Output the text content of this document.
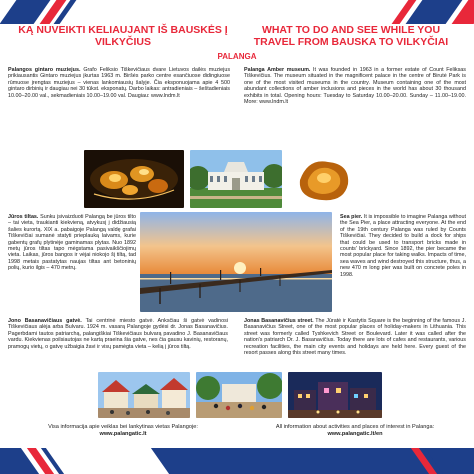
KĄ NUVEIKTI KELIAUJANT IŠ BAUSKĖS Į VILKYČIUS
WHAT TO DO AND SEE WHILE YOU TRAVEL FROM BAUSKA TO VILKYČIAI
PALANGA
Palangos gintaro muziejus. Grafo Feliksio Tiškevičiaus dvare Lietuvos dailės muziejus prikiausantis Gintaro muziejus įkurtas 1963 m. Biršės parko centre esančiuose didingiuose rūmuose įrengtas muziejus – vienas lankomiausių šalyje. Čia eksponuojama apie 4 500 gintaro dirbinių ir daugiau nei 30 tūkst. eksponatų. Darbo laikas: antradieniais – šeštadieniais 10.00–20.00 val., sekmadieniais 10.00–19.00 val. Daugiau: www.lndm.lt
Palanga Amber museum. It was founded in 1963 in a former estate of Count Feliksas Tiškevičius. The museum situated in the magnificent palace in the centre of Birutė Park is one of the most visited museums in the country. Museum containing one of the most abundant collections of amber inclusions and pieces in the world has about 30 thousand exhibits in total. Opening hours: Tuesday to Saturday 10.00–20.00. Sunday – 11.00–19.00. More: www.lndm.lt
Jūros tiltas. Sunku įsivaizduoti Palangą be jūros tilto – tai vieta, traukianti kiekvieną, atvykusį į didžiausią šalies kurortą. XIX a. pabaigoje Palangą valdę grafai Tiškevičiai sumanė statyti prieplauką laivams, kurie gabentų grafų plytinėje gaminamas plytas. Nuo 1892 metų jūros tiltas tapo mėgstama pasivaikščiojimų vieta. Laikas, jūros bangos ir vėjai niokojo šį tiltą, tad 1998 metais pastatytas naujas tiltas ant betoninių polių, kurio ilgis – 470 metrų.
Sea pier. It is impossible to imagine Palanga without the Sea Pier, a place attracting everyone. At the end of the 19th century Palanga was ruled by Counts Tiškevičiai. They decided to build a dock for ships that could be used to transport bricks made in counts' brickyard. Since 1892, the pier became the most popular place for taking walks. Impacts of time, sea waves and wind destroyed this structure, thus, a new 470 m long pier was built on concrete poles in 1998.
Jono Basanavičiaus gatvė. Tai centrinė miesto gatvė. Anksčiau ši gatvė vadinosi Tiškevičiaus alėja arba Bulvaru. 1924 m. vasarą Palangoje gydėsi dr. Jonas Basanavičius. Pagerbdami tautos patriarchą, palangiškiai Tiškevičiaus bulvarą pavadino J. Basanavičiaus vardu. Kiekvienas poilsiautojas ne kartą praeina šia gatve, nes čia gausu kavinių, restoranų, pramogų vietų, o gatvę užbaigia žavi ir visų pamėgta vieta – kelią į jūros tiltą.
Jonas Basanavičius street. The Jūratė ir Kastytis Square is the beginning of the famous J. Basanavičius Street, one of the most popular places of holiday-makers in Lithuania. This street was formerly called Tyshkevich Street or Boulevard. Later it was called after the nation's patriarch Dr. J. Basanavičius. Today there are lots of cafes and restaurants, various recreation facilities, the main city events and holidays are held here. Every guest of the resort passes along this street many times.
Visa informacija apie veiklas bei lankytinas vietas Palangoje:
www.palangatic.lt
All information about activities and places of interest in Palanga:
www.palangatic.lt/en
